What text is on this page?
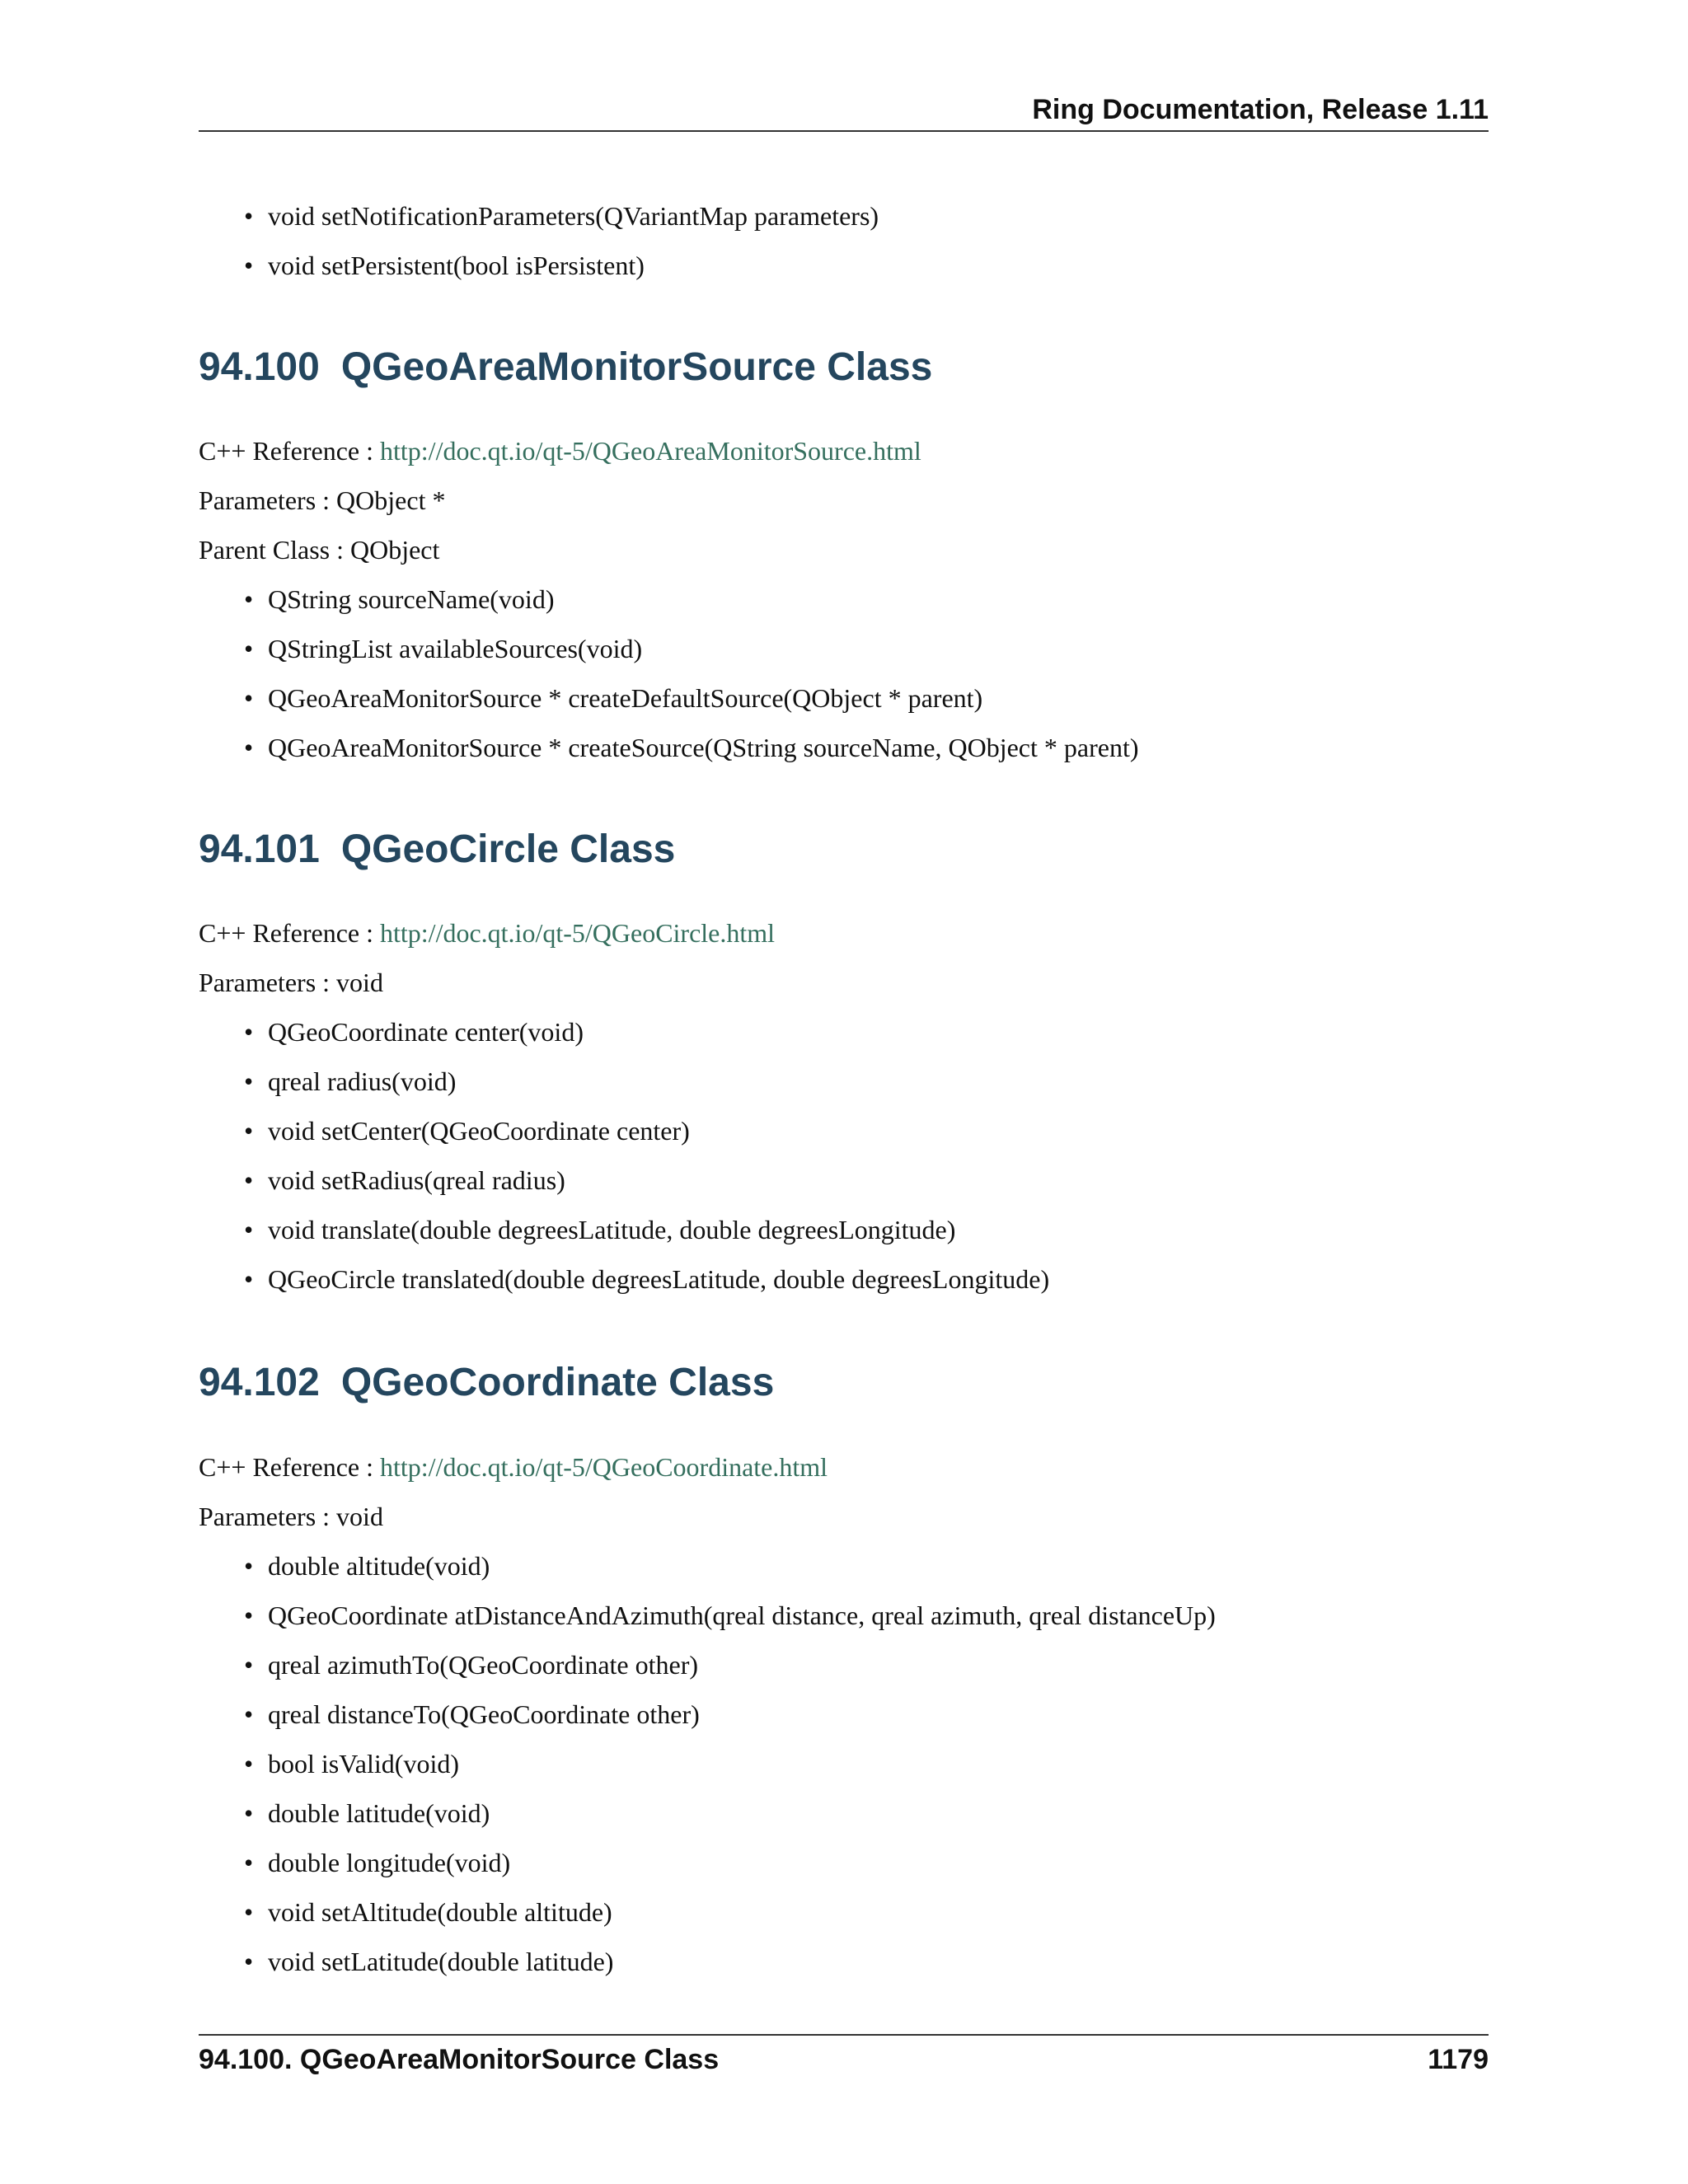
Ring Documentation, Release 1.11
• void setNotificationParameters(QVariantMap parameters)
• void setPersistent(bool isPersistent)
94.100 QGeoAreaMonitorSource Class
C++ Reference : http://doc.qt.io/qt-5/QGeoAreaMonitorSource.html
Parameters : QObject *
Parent Class : QObject
• QString sourceName(void)
• QStringList availableSources(void)
• QGeoAreaMonitorSource * createDefaultSource(QObject * parent)
• QGeoAreaMonitorSource * createSource(QString sourceName, QObject * parent)
94.101 QGeoCircle Class
C++ Reference : http://doc.qt.io/qt-5/QGeoCircle.html
Parameters : void
• QGeoCoordinate center(void)
• qreal radius(void)
• void setCenter(QGeoCoordinate center)
• void setRadius(qreal radius)
• void translate(double degreesLatitude, double degreesLongitude)
• QGeoCircle translated(double degreesLatitude, double degreesLongitude)
94.102 QGeoCoordinate Class
C++ Reference : http://doc.qt.io/qt-5/QGeoCoordinate.html
Parameters : void
• double altitude(void)
• QGeoCoordinate atDistanceAndAzimuth(qreal distance, qreal azimuth, qreal distanceUp)
• qreal azimuthTo(QGeoCoordinate other)
• qreal distanceTo(QGeoCoordinate other)
• bool isValid(void)
• double latitude(void)
• double longitude(void)
• void setAltitude(double altitude)
• void setLatitude(double latitude)
94.100. QGeoAreaMonitorSource Class	1179
